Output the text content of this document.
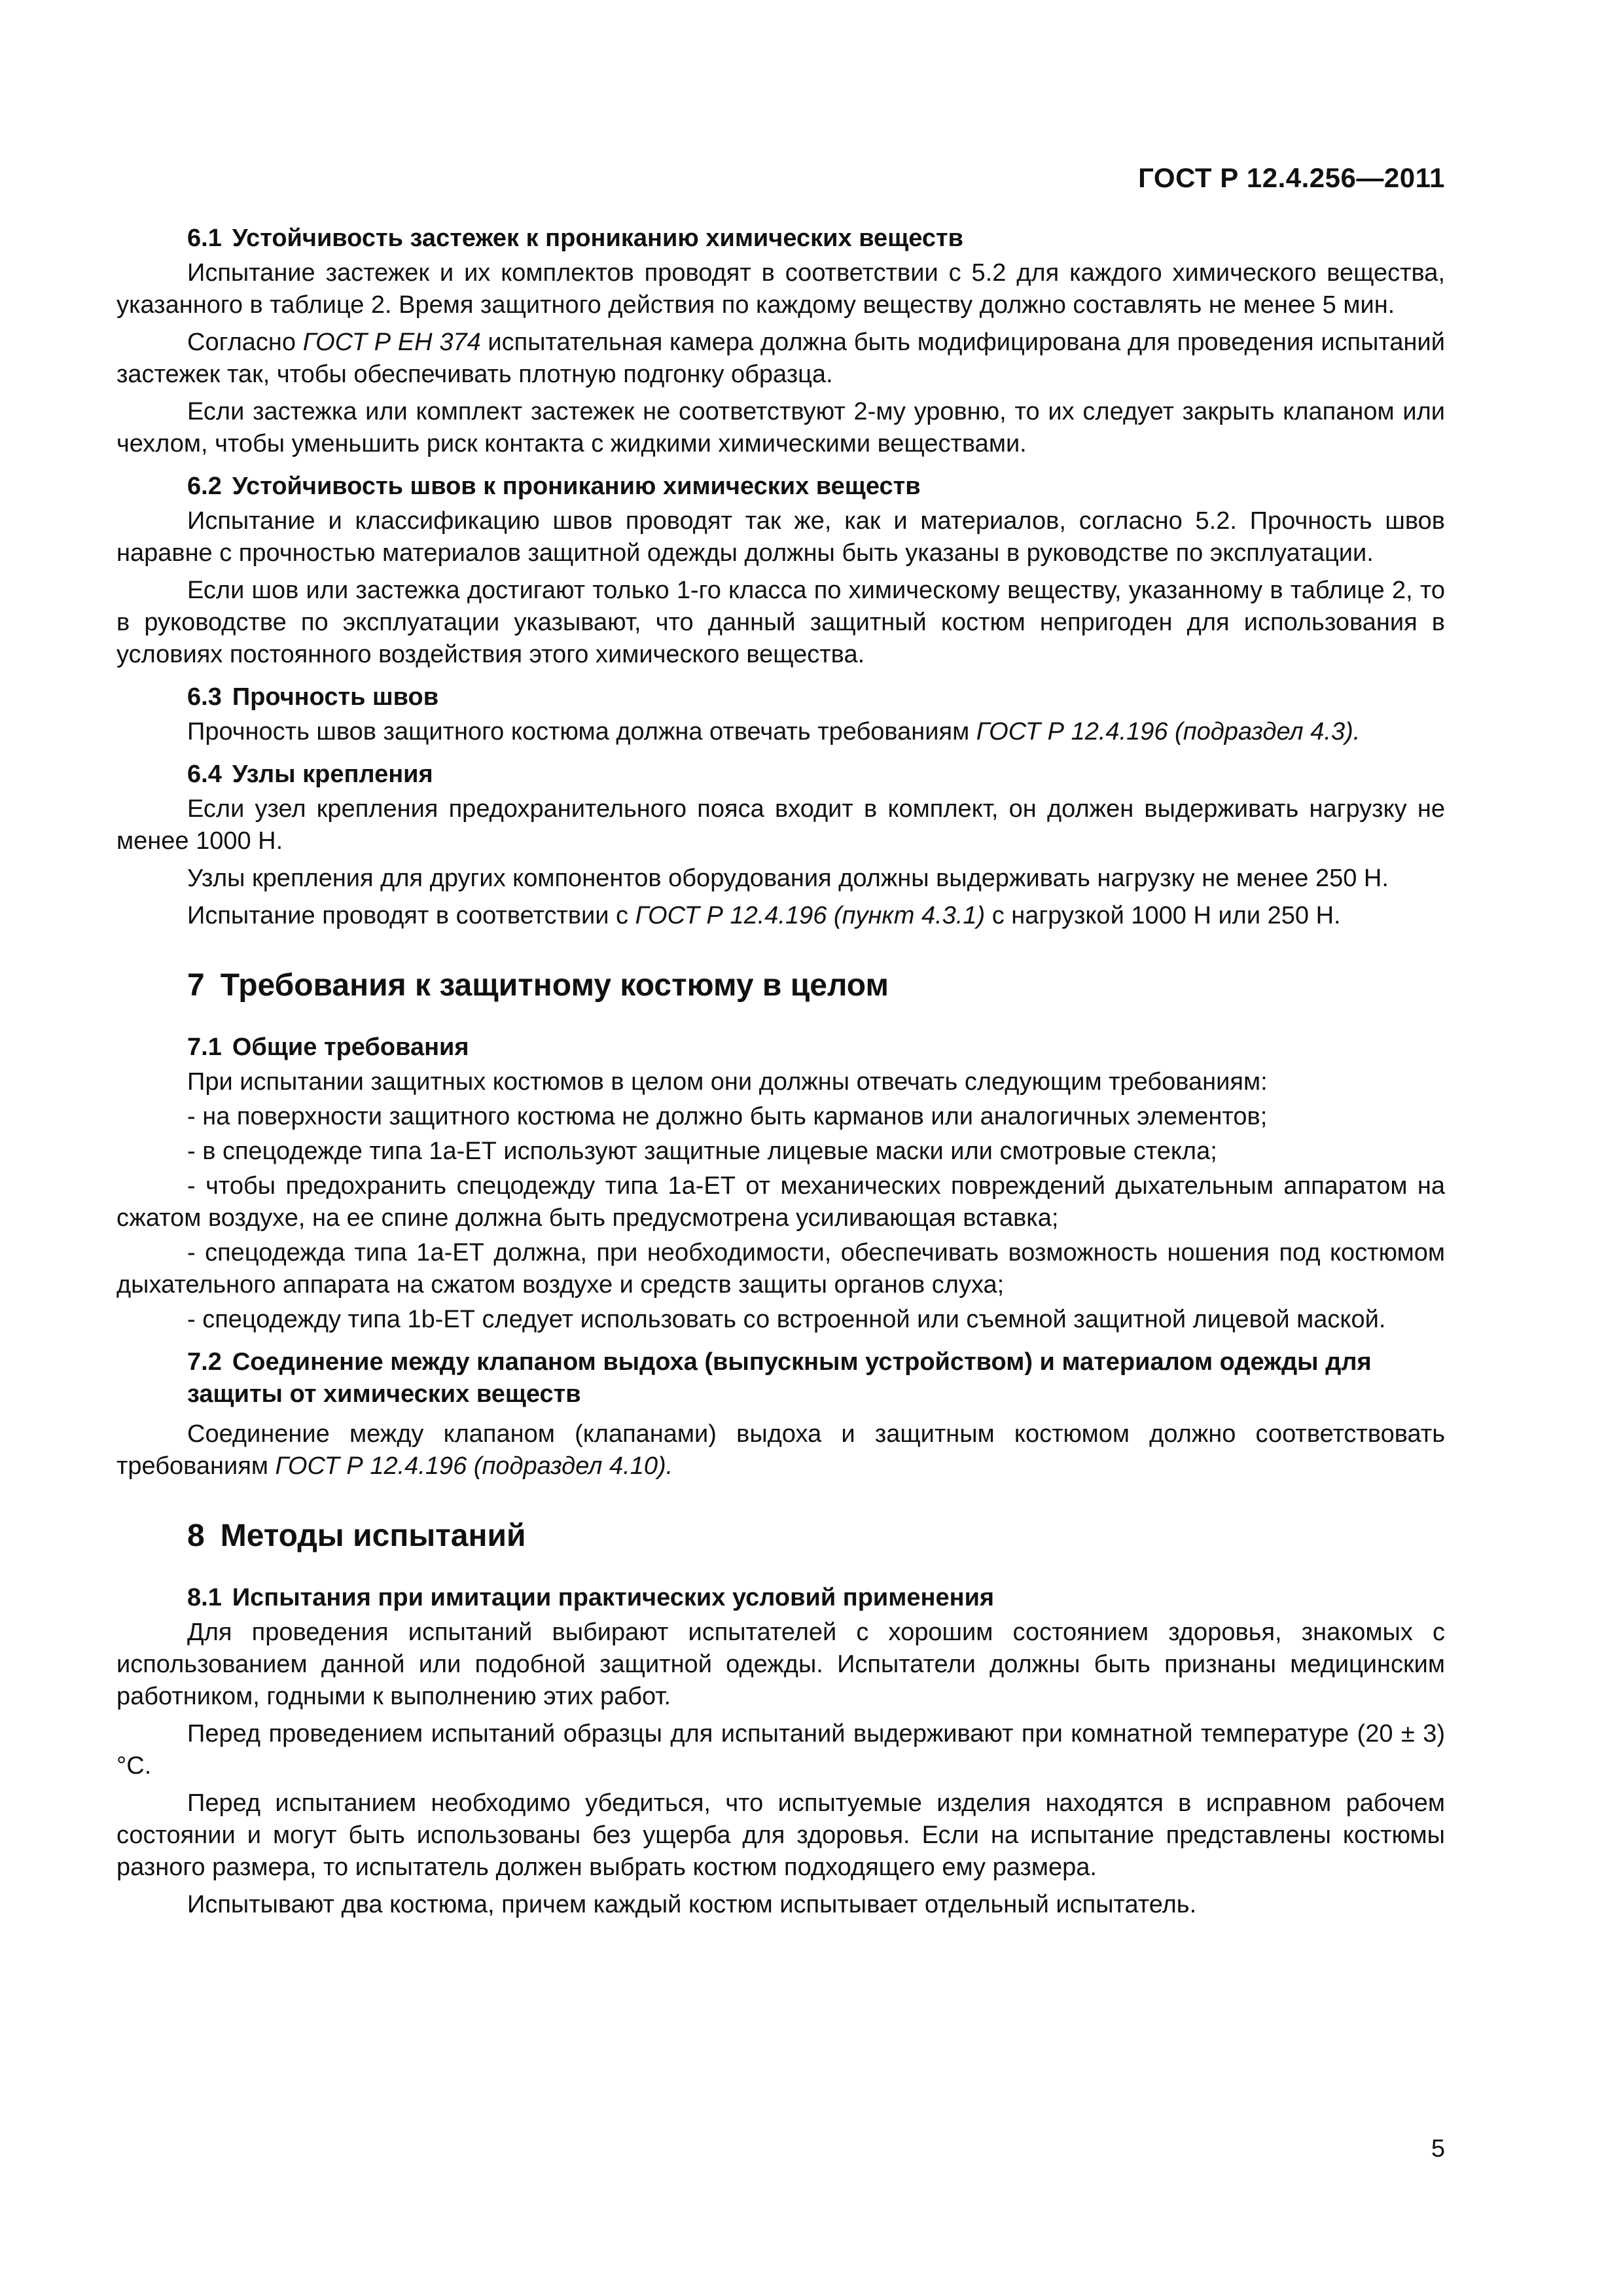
ГОСТ Р 12.4.256—2011
6.1 Устойчивость застежек к прониканию химических веществ

Испытание застежек и их комплектов проводят в соответствии с 5.2 для каждого химического вещества, указанного в таблице 2. Время защитного действия по каждому веществу должно составлять не менее 5 мин.

Согласно ГОСТ Р ЕН 374 испытательная камера должна быть модифицирована для проведения испытаний застежек так, чтобы обеспечивать плотную подгонку образца.

Если застежка или комплект застежек не соответствуют 2-му уровню, то их следует закрыть клапаном или чехлом, чтобы уменьшить риск контакта с жидкими химическими веществами.

6.2 Устойчивость швов к прониканию химических веществ

Испытание и классификацию швов проводят так же, как и материалов, согласно 5.2. Прочность швов наравне с прочностью материалов защитной одежды должны быть указаны в руководстве по эксплуатации.

Если шов или застежка достигают только 1-го класса по химическому веществу, указанному в таблице 2, то в руководстве по эксплуатации указывают, что данный защитный костюм непригоден для использования в условиях постоянного воздействия этого химического вещества.

6.3 Прочность швов

Прочность швов защитного костюма должна отвечать требованиям ГОСТ Р 12.4.196 (подраздел 4.3).

6.4 Узлы крепления

Если узел крепления предохранительного пояса входит в комплект, он должен выдерживать нагрузку не менее 1000 Н.

Узлы крепления для других компонентов оборудования должны выдерживать нагрузку не менее 250 Н.

Испытание проводят в соответствии с ГОСТ Р 12.4.196 (пункт 4.3.1) с нагрузкой 1000 Н или 250 Н.

7 Требования к защитному костюму в целом
7.1 Общие требования

При испытании защитных костюмов в целом они должны отвечать следующим требованиям:

- на поверхности защитного костюма не должно быть карманов или аналогичных элементов;

- в спецодежде типа 1а-ЕТ используют защитные лицевые маски или смотровые стекла;

- чтобы предохранить спецодежду типа 1а-ЕТ от механических повреждений дыхательным аппаратом на сжатом воздухе, на ее спине должна быть предусмотрена усиливающая вставка;

- спецодежда типа 1а-ЕТ должна, при необходимости, обеспечивать возможность ношения под костюмом дыхательного аппарата на сжатом воздухе и средств защиты органов слуха;

- спецодежду типа 1b-ЕТ следует использовать со встроенной или съемной защитной лицевой маской.

7.2 Соединение между клапаном выдоха (выпускным устройством) и материалом одежды для защиты от химических веществ

Соединение между клапаном (клапанами) выдоха и защитным костюмом должно соответствовать требованиям ГОСТ Р 12.4.196 (подраздел 4.10).

8 Методы испытаний
8.1 Испытания при имитации практических условий применения

Для проведения испытаний выбирают испытателей с хорошим состоянием здоровья, знакомых с использованием данной или подобной защитной одежды. Испытатели должны быть признаны медицинским работником, годными к выполнению этих работ.

Перед проведением испытаний образцы для испытаний выдерживают при комнатной температуре (20 ± 3) °С.

Перед испытанием необходимо убедиться, что испытуемые изделия находятся в исправном рабочем состоянии и могут быть использованы без ущерба для здоровья. Если на испытание представлены костюмы разного размера, то испытатель должен выбрать костюм подходящего ему размера.

Испытывают два костюма, причем каждый костюм испытывает отдельный испытатель.

5
